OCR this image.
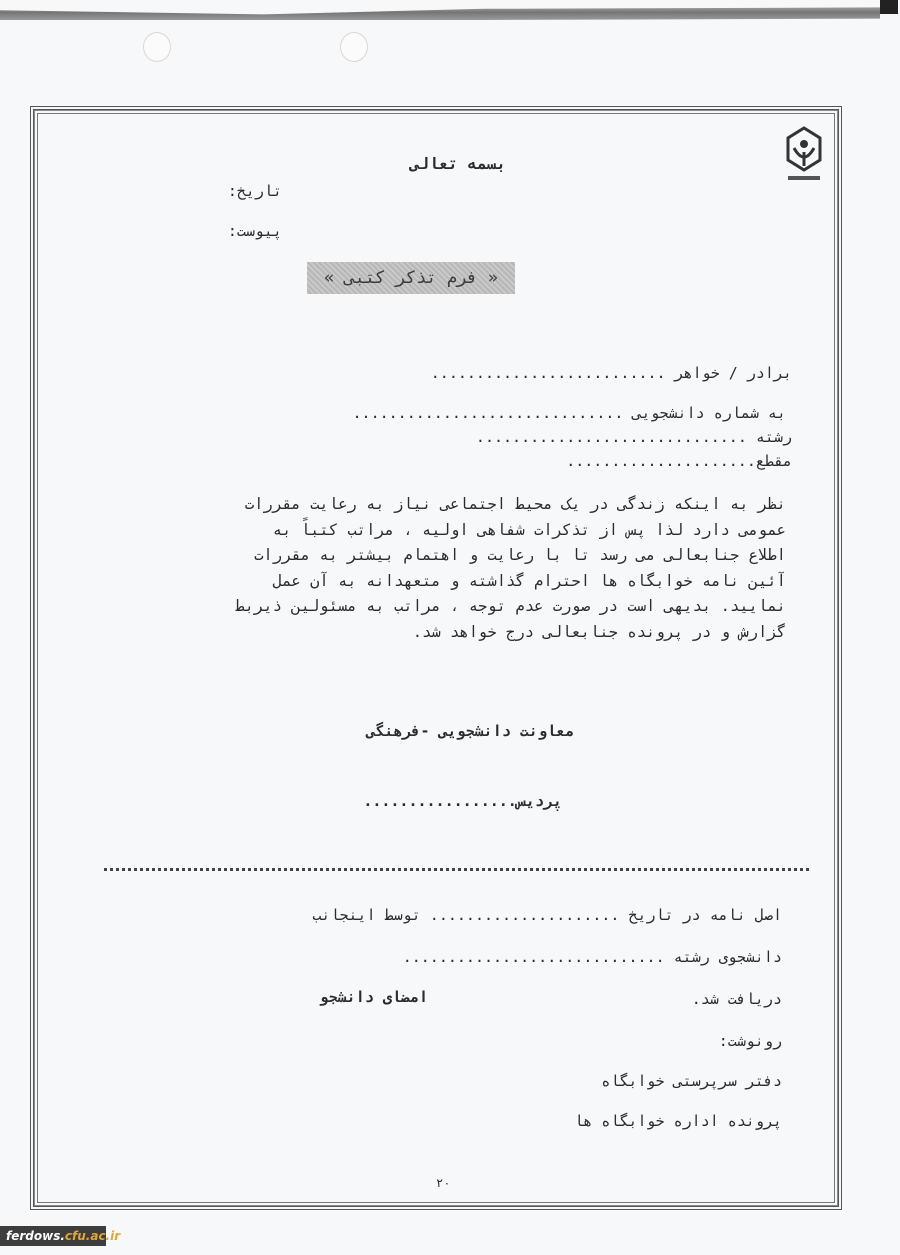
بسمه تعالی
تاریخ:
پیوست:
« فرم تذکر کتبی »
برادر / خواهر ..........................
به شماره دانشجویی ..............................
رشته ..............................
مقطع.....................
نظر به اینکه زندگی در یک محیط اجتماعی نیاز به رعایت مقررات
عمومی دارد لذا پس از تذکرات شفاهی اولیه ، مراتب کتباً به
اطلاع جنابعالی می رسد تا با رعایت و اهتمام بیشتر به مقررات
آئین نامه خوابگاه ها احترام گذاشته و متعهدانه به آن عمل
نمایید. بدیهی است در صورت عدم توجه ، مراتب به مسئولین ذیربط
گزارش و در پرونده جنابعالی درج خواهد شد.
معاونت دانشجویی -فرهنگی
پردیس.................
اصل نامه در تاریخ ..................... توسط اینجانب
دانشجوی رشته .............................
دریافت شد.
امضای دانشجو
رونوشت:
دفتر سرپرستی خوابگاه
پرونده اداره خوابگاه ها
۲۰
ferdows.cfu.ac.ir
